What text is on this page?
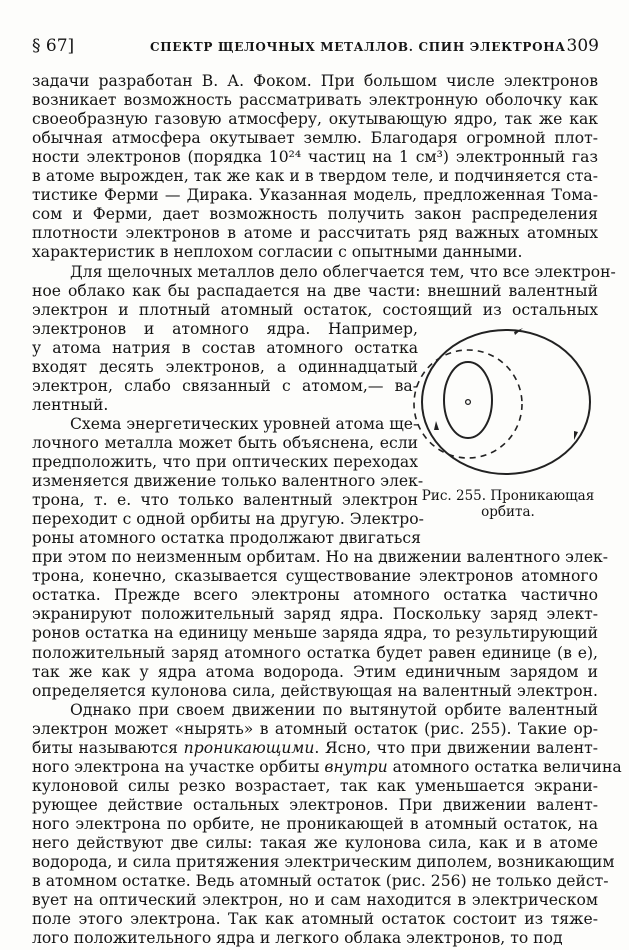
§ 67]	СПЕКТР ЩЕЛОЧНЫХ МЕТАЛЛОВ. СПИН ЭЛЕКТРОНА 309
задачи разработан В. А. Фоком. При большом числе электронов
возникает возможность рассматривать электронную оболочку как
своеобразную газовую атмосферу, окутывающую ядро, так же как
обычная атмосфера окутывает землю. Благодаря огромной плот-
ности электронов (порядка 10²⁴ частиц на 1 см³) электронный газ
в атоме вырожден, так же как и в твердом теле, и подчиняется ста-
тистике Ферми — Дирака. Указанная модель, предложенная Тома-
сом и Ферми, дает возможность получить закон распределения
плотности электронов в атоме и рассчитать ряд важных атомных
характеристик в неплохом согласии с опытными данными.
Для щелочных металлов дело облегчается тем, что все электрон-
ное облако как бы распадается на две части: внешний валентный
электрон и плотный атомный остаток, состоящий из остальных
электронов и атомного ядра. Например,
у атома натрия в состав атомного остатка
входят десять электронов, а одиннадцатый
электрон, слабо связанный с атомом,— ва-
лентный.
Схема энергетических уровней атома ще-
лочного металла может быть объяснена, если
предположить, что при оптических переходах
изменяется движение только валентного элек-
трона, т. е. что только валентный электрон
переходит с одной орбиты на другую. Электро-
роны атомного остатка продолжают двигаться
при этом по неизменным орбитам. Но на движении валентного элек-
трона, конечно, сказывается существование электронов атомного
остатка. Прежде всего электроны атомного остатка частично
экранируют положительный заряд ядра. Поскольку заряд элект-
ронов остатка на единицу меньше заряда ядра, то результирующий
положительный заряд атомного остатка будет равен единице (в e),
так же как у ядра атома водорода. Этим единичным зарядом и
определяется кулонова сила, действующая на валентный электрон.
Однако при своем движении по вытянутой орбите валентный
электрон может «нырять» в атомный остаток (рис. 255). Такие ор-
биты называются проникающими. Ясно, что при движении валент-
ного электрона на участке орбиты внутри атомного остатка величина
кулоновой силы резко возрастает, так как уменьшается экрани-
рующее действие остальных электронов. При движении валент-
ного электрона по орбите, не проникающей в атомный остаток, на
него действуют две силы: такая же кулонова сила, как и в атоме
водорода, и сила притяжения электрическим диполем, возникающим
в атомном остатке. Ведь атомный остаток (рис. 256) не только дейст-
вует на оптический электрон, но и сам находится в электрическом
поле этого электрона. Так как атомный остаток состоит из тяже-
лого положительного ядра и легкого облака электронов, то под
Рис. 255. Проникающая орбита.
